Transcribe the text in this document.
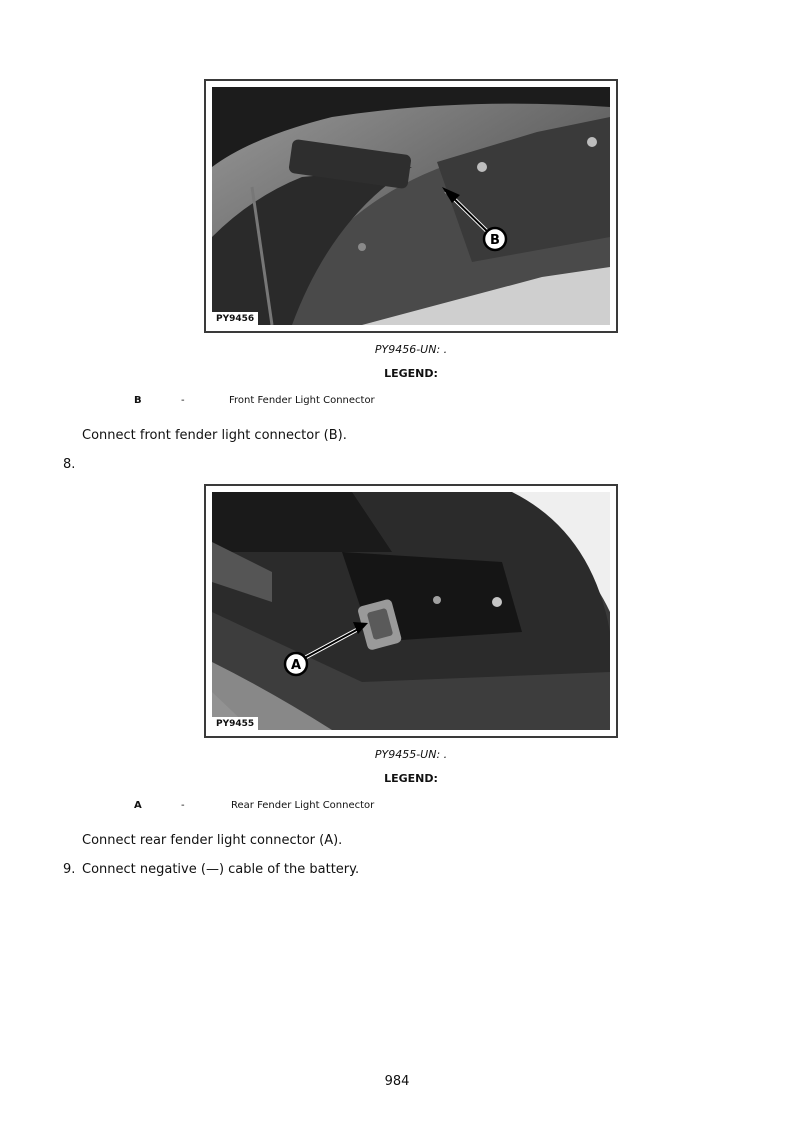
B
PY9456
PY9456-UN: .
LEGEND:
B	-	Front Fender Light Connector
Connect front fender light connector (B).
8.
A
PY9455
PY9455-UN: .
LEGEND:
A	-	Rear Fender Light Connector
Connect rear fender light connector (A).
9. Connect negative (—) cable of the battery.
984
